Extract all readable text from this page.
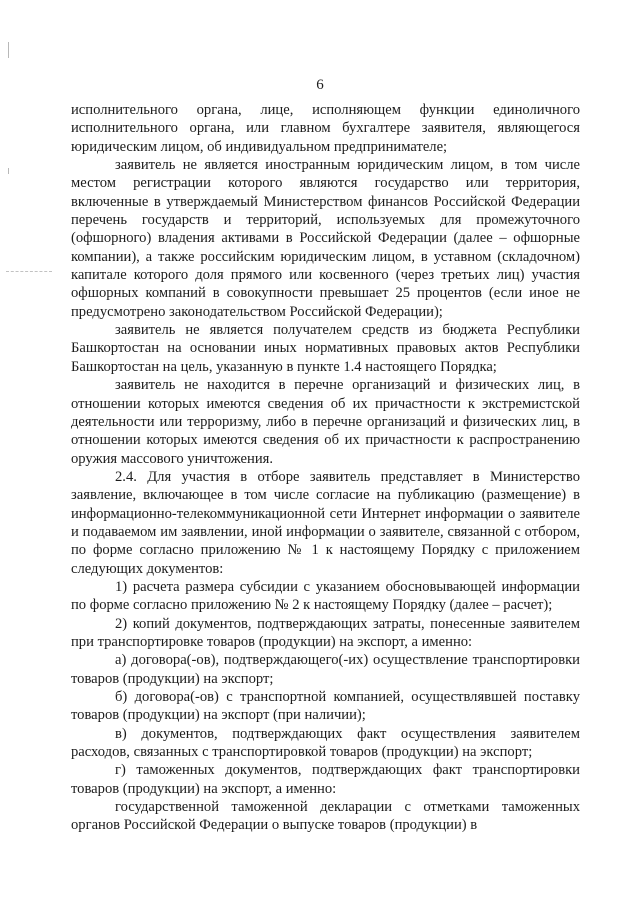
6

исполнительного органа, лице, исполняющем функции единоличного исполнительного органа, или главном бухгалтере заявителя, являющегося юридическим лицом, об индивидуальном предпринимателе;

заявитель не является иностранным юридическим лицом, в том числе местом регистрации которого являются государство или территория, включенные в утверждаемый Министерством финансов Российской Федерации перечень государств и территорий, используемых для промежуточного (офшорного) владения активами в Российской Федерации (далее – офшорные компании), а также российским юридическим лицом, в уставном (складочном) капитале которого доля прямого или косвенного (через третьих лиц) участия офшорных компаний в совокупности превышает 25 процентов (если иное не предусмотрено законодательством Российской Федерации);

заявитель не является получателем средств из бюджета Республики Башкортостан на основании иных нормативных правовых актов Республики Башкортостан на цель, указанную в пункте 1.4 настоящего Порядка;

заявитель не находится в перечне организаций и физических лиц, в отношении которых имеются сведения об их причастности к экстремистской деятельности или терроризму, либо в перечне организаций и физических лиц, в отношении которых имеются сведения об их причастности к распространению оружия массового уничтожения.

2.4. Для участия в отборе заявитель представляет в Министерство заявление, включающее в том числе согласие на публикацию (размещение) в информационно-телекоммуникационной сети Интернет информации о заявителе и подаваемом им заявлении, иной информации о заявителе, связанной с отбором, по форме согласно приложению № 1 к настоящему Порядку с приложением следующих документов:

1) расчета размера субсидии с указанием обосновывающей информации по форме согласно приложению № 2 к настоящему Порядку (далее – расчет);

2) копий документов, подтверждающих затраты, понесенные заявителем при транспортировке товаров (продукции) на экспорт, а именно:

а) договора(-ов), подтверждающего(-их) осуществление транспортировки товаров (продукции) на экспорт;

б) договора(-ов) с транспортной компанией, осуществлявшей поставку товаров (продукции) на экспорт (при наличии);

в) документов, подтверждающих факт осуществления заявителем расходов, связанных с транспортировкой товаров (продукции) на экспорт;

г) таможенных документов, подтверждающих факт транспортировки товаров (продукции) на экспорт, а именно:

государственной таможенной декларации с отметками таможенных органов Российской Федерации о выпуске товаров (продукции) в
